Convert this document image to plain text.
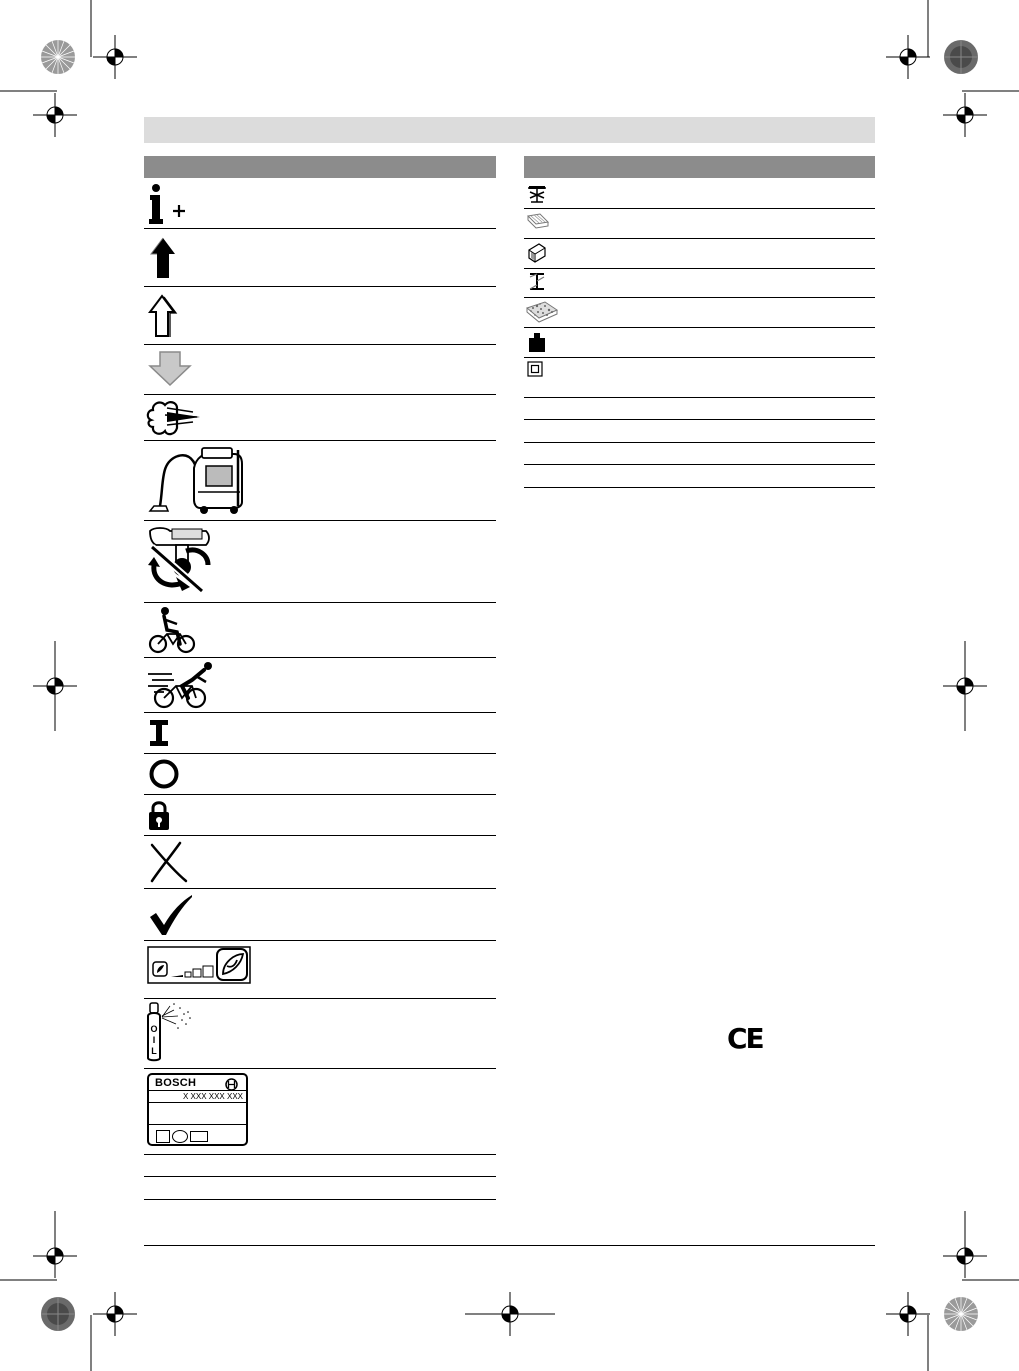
O
I
L
BOSCH
X XXX XXX XXX
CE
